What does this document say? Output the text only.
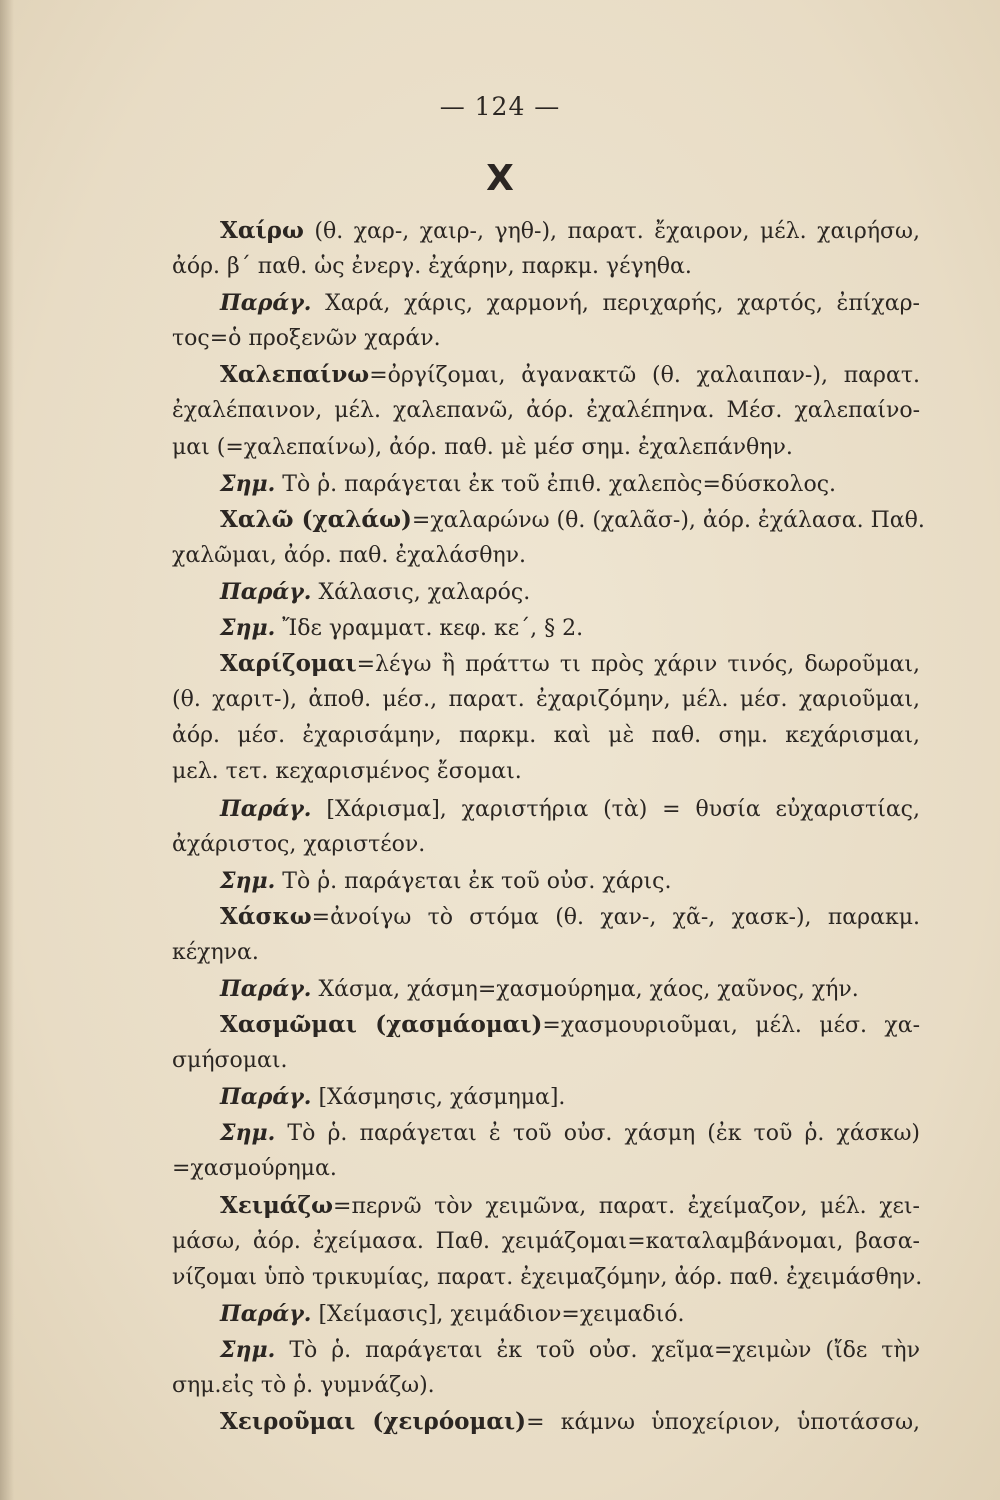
— 124 —
Χ
Χαίρω (θ. χαρ-, χαιρ-, γηθ-), παρατ. ἔχαιρον, μέλ. χαιρήσω,
ἀόρ. β΄ παθ. ὡς ἐνεργ. ἐχάρην, παρκμ. γέγηθα.
Παράγ. Χαρά, χάρις, χαρμονή, περιχαρής, χαρτός, ἐπίχαρ-
τος=ὁ προξενῶν χαράν.
Χαλεπαίνω=ὀργίζομαι, ἀγανακτῶ (θ. χαλαιπαν-), παρατ.
ἐχαλέπαινον, μέλ. χαλεπανῶ, ἀόρ. ἐχαλέπηνα. Μέσ. χαλεπαίνο-
μαι (=χαλεπαίνω), ἀόρ. παθ. μὲ μέσ σημ. ἐχαλεπάνθην.
Σημ. Τὸ ῥ. παράγεται ἐκ τοῦ ἐπιθ. χαλεπὸς=δύσκολος.
Χαλῶ (χαλάω)=χαλαρώνω (θ. (χαλᾶσ-), ἀόρ. ἐχάλασα. Παθ.
χαλῶμαι, ἀόρ. παθ. ἐχαλάσθην.
Παράγ. Χάλασις, χαλαρός.
Σημ. Ἴδε γραμματ. κεφ. κε΄, § 2.
Χαρίζομαι=λέγω ἢ πράττω τι πρὸς χάριν τινός, δωροῦμαι,
(θ. χαριτ-), ἀποθ. μέσ., παρατ. ἐχαριζόμην, μέλ. μέσ. χαριοῦμαι,
ἀόρ. μέσ. ἐχαρισάμην, παρκμ. καὶ μὲ παθ. σημ. κεχάρισμαι,
μελ. τετ. κεχαρισμένος ἔσομαι.
Παράγ. [Χάρισμα], χαριστήρια (τὰ) = θυσία εὐχαριστίας,
ἀχάριστος, χαριστέον.
Σημ. Τὸ ῥ. παράγεται ἐκ τοῦ οὐσ. χάρις.
Χάσκω=ἀνοίγω τὸ στόμα (θ. χαν-, χᾶ-, χασκ-), παρακμ.
κέχηνα.
Παράγ. Χάσμα, χάσμη=χασμούρημα, χάος, χαῦνος, χήν.
Χασμῶμαι (χασμάομαι)=χασμουριοῦμαι, μέλ. μέσ. χα-
σμήσομαι.
Παράγ. [Χάσμησις, χάσμημα].
Σημ. Τὸ ῥ. παράγεται ἐ τοῦ οὐσ. χάσμη (ἐκ τοῦ ῥ. χάσκω)
=χασμούρημα.
Χειμάζω=περνῶ τὸν χειμῶνα, παρατ. ἐχείμαζον, μέλ. χει-
μάσω, ἀόρ. ἐχείμασα. Παθ. χειμάζομαι=καταλαμβάνομαι, βασα-
νίζομαι ὑπὸ τρικυμίας, παρατ. ἐχειμαζόμην, ἀόρ. παθ. ἐχειμάσθην.
Παράγ. [Χείμασις], χειμάδιον=χειμαδιό.
Σημ. Τὸ ῥ. παράγεται ἐκ τοῦ οὐσ. χεῖμα=χειμὼν (ἴδε τὴν
σημ.εἰς τὸ ῥ. γυμνάζω).
Χειροῦμαι (χειρόομαι)= κάμνω ὑποχείριον, ὑποτάσσω,
